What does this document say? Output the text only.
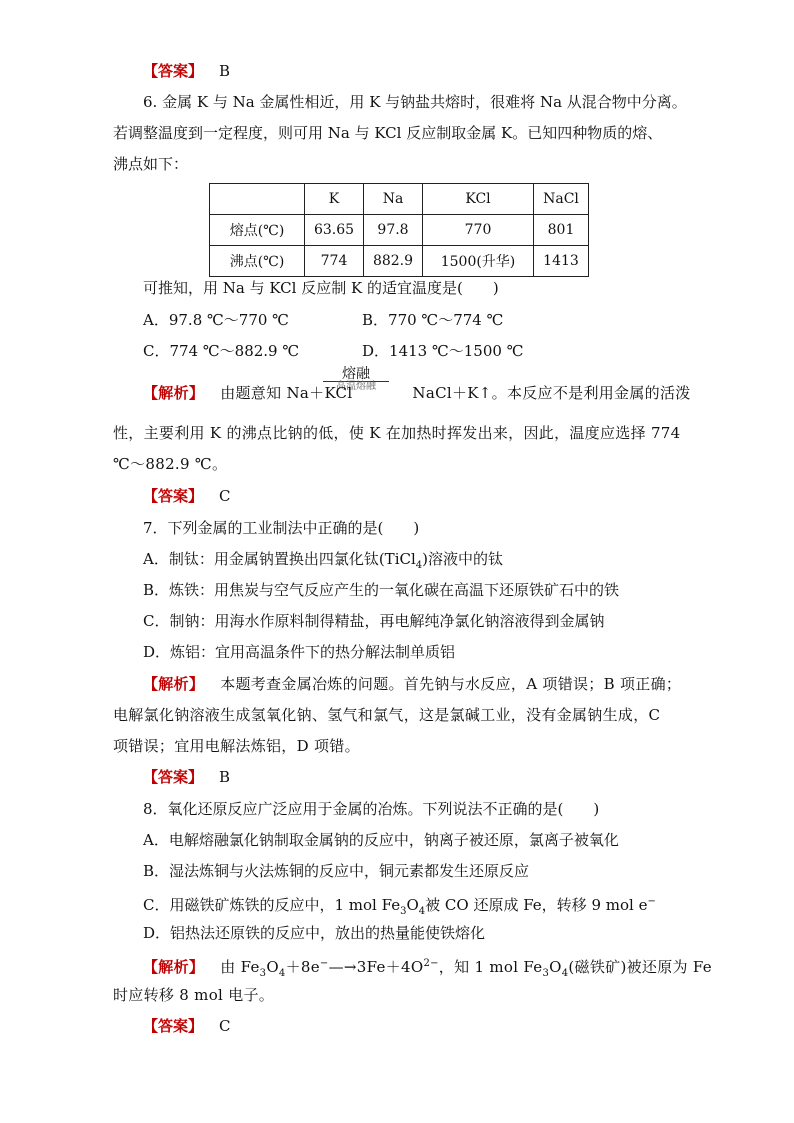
【答案】 B
6. 金属 K 与 Na 金属性相近，用 K 与钠盐共熔时，很难将 Na 从混合物中分离。
若调整温度到一定程度，则可用 Na 与 KCl 反应制取金属 K。已知四种物质的熔、
沸点如下：
	K	Na	KCl	NaCl
熔点(℃)	63.65	97.8	770	801
沸点(℃)	774	882.9	1500(升华)	1413
可推知，用 Na 与 KCl 反应制 K 的适宜温度是(　　)
A．97.8 ℃～770 ℃	B．770 ℃～774 ℃
C．774 ℃～882.9 ℃	D．1413 ℃～1500 ℃
熔融
高温熔融
【解析】 由题意知 Na＋KCl	NaCl＋K↑。本反应不是利用金属的活泼
性，主要利用 K 的沸点比钠的低，使 K 在加热时挥发出来，因此，温度应选择 774
℃～882.9 ℃。
【答案】 C
7．下列金属的工业制法中正确的是(　　)
A．制钛：用金属钠置换出四氯化钛(TiCl$_4$)溶液中的钛
B．炼铁：用焦炭与空气反应产生的一氧化碳在高温下还原铁矿石中的铁
C．制钠：用海水作原料制得精盐，再电解纯净氯化钠溶液得到金属钠
D．炼铝：宜用高温条件下的热分解法制单质铝
【解析】 本题考查金属冶炼的问题。首先钠与水反应，A 项错误；B 项正确；
电解氯化钠溶液生成氢氧化钠、氢气和氯气，这是氯碱工业，没有金属钠生成，C
项错误；宜用电解法炼铝，D 项错。
【答案】 B
8．氧化还原反应广泛应用于金属的冶炼。下列说法不正确的是(　　)
A．电解熔融氯化钠制取金属钠的反应中，钠离子被还原，氯离子被氧化
B．湿法炼铜与火法炼铜的反应中，铜元素都发生还原反应
C．用磁铁矿炼铁的反应中，1 mol $Fe_3O_4$被 CO 还原成 Fe，转移 9 mol e−
D．铝热法还原铁的反应中，放出的热量能使铁熔化
【解析】 由 $Fe_3O_4+8e^-—\to 3Fe+4O^{2-}$，知 1 mol $Fe_3O_4$(磁铁矿)被还原为 Fe
时应转移 8 mol 电子。
【答案】 C
